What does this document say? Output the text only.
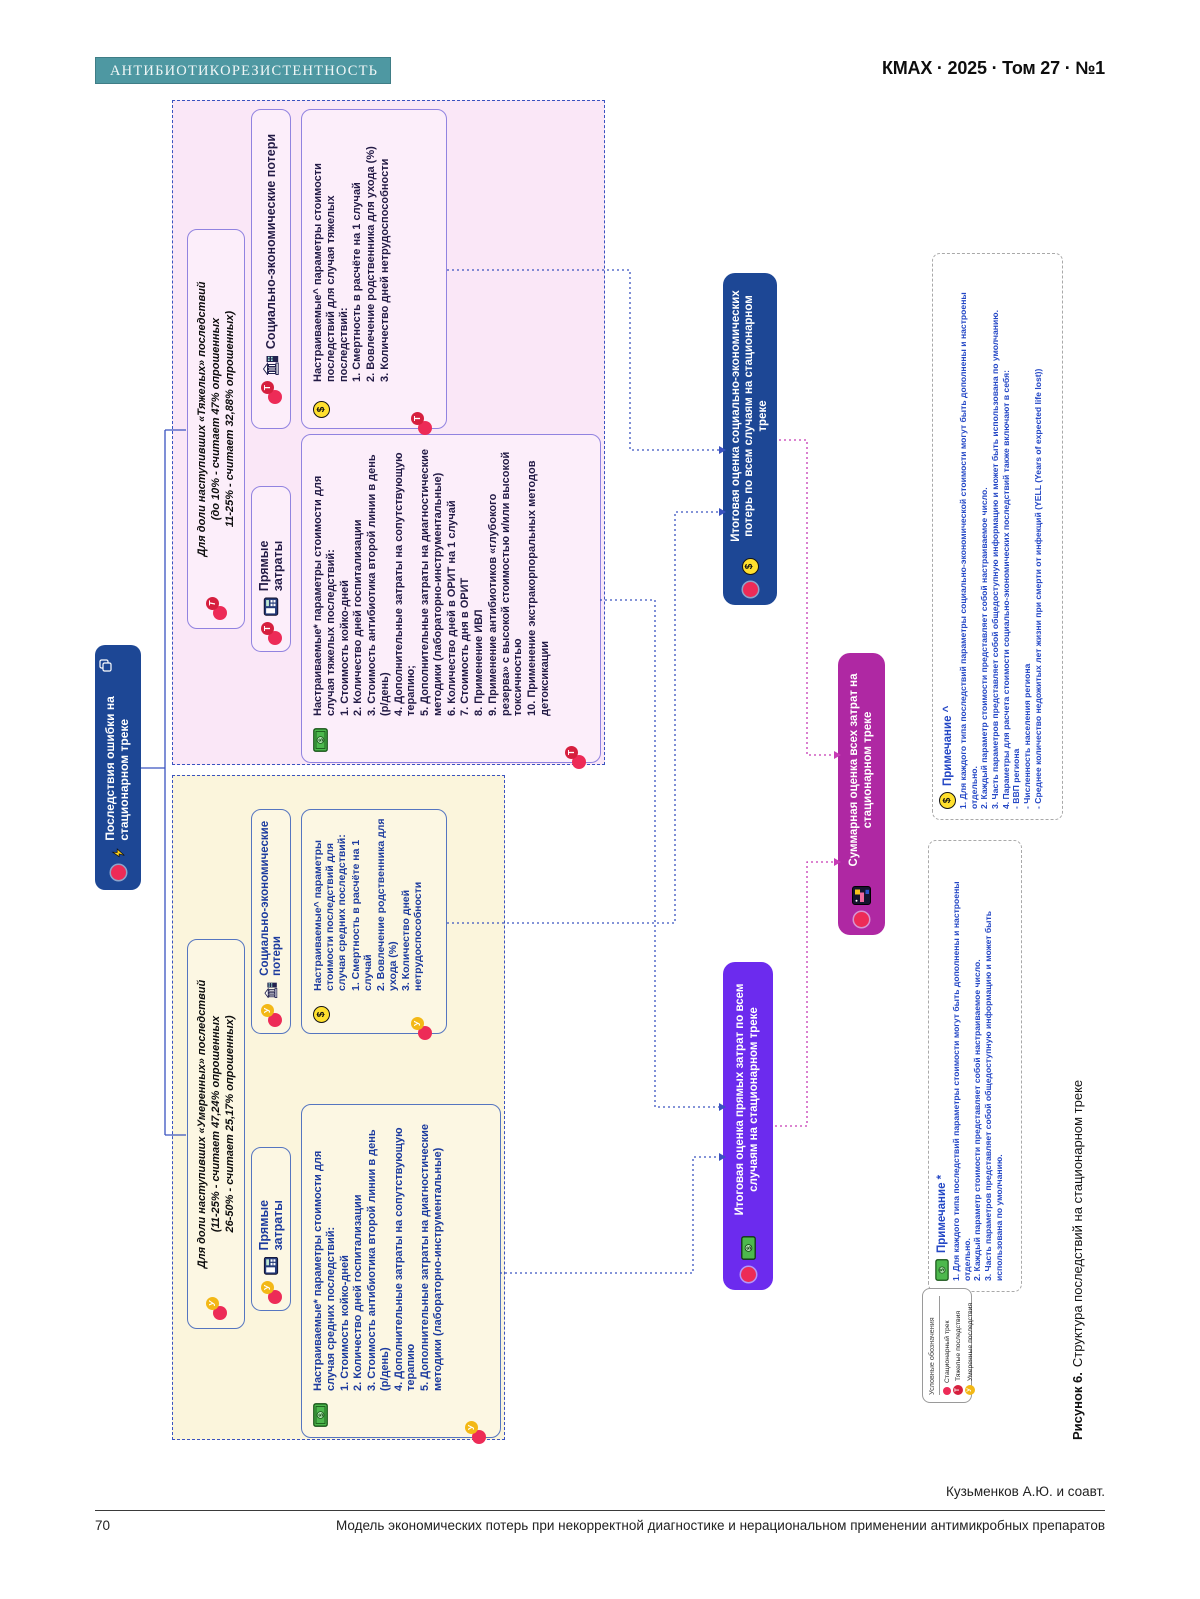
АНТИБИОТИКОРЕЗИСТЕНТНОСТЬ	КМАХ · 2025 · Том 27 · №1
Последствия ошибки на стационарном треке
Т
Для доли наступивших «Тяжелых» последствий (до 10% - считает 47% опрошенных 11-25% - считает 32,88% опрошенных)
Т
Прямые затраты
Т
Социально-экономические потери
$
Т
Настраиваемые* параметры стоимости для случая тяжелых последствий: 1. Стоимость койко-дней 2. Количество дней госпитализации 3. Стоимость антибиотика второй линии в день (р/день) 4. Дополнительные затраты на сопутствующую терапию; 5. Дополнительные затраты на диагностические методики (лабораторно-инструментальные) 6. Количество дней в ОРИТ на 1 случай 7. Стоимость дня в ОРИТ 8. Применение ИВЛ 9. Применение антибиотиков «глубокого резерва» с высокой стоимостью и/или высокой токсичностью 10. Применение экстракорпоральных методов детоксикации
$
Т
Настраиваемые^ параметры стоимости последствий для случая тяжелых последствий: 1. Смертность в расчёте на 1 случай 2. Вовлечение родственника для ухода (%) 3. Количество дней нетрудоспособности
У
Для доли наступивших «Умеренных» последствий (11-25% - считает 47,24% опрошенных 26-50% - считает 25,17% опрошенных)
У
Прямые затраты
У
Социально-экономические потери
$
У
Настраиваемые* параметры стоимости для случая средних последствий: 1. Стоимость койко-дней 2. Количество дней госпитализации 3. Стоимость антибиотика второй линии в день (р/день) 4. Дополнительные затраты на сопутствующую терапию 5. Дополнительные затраты на диагностические методики (лабораторно-инструментальные)
$
У
Настраиваемые^ параметры стоимости последствий для случая средних последствий: 1. Смертность в расчёте на 1 случай 2. Вовлечение родственника для ухода (%) 3. Количество дней нетрудоспособности
$
Итоговая оценка прямых затрат по всем случаям на стационарном треке
$
Итоговая оценка социально-экономических потерь по всем случаям на стационарном треке
Суммарная оценка всех затрат на стационарном треке
$
Примечание * 1. Для каждого типа последствий параметры стоимости могут быть дополнены и настроены отдельно. 2. Каждый параметр стоимости представляет собой настраиваемое число. 3. Часть параметров представляет собой общедоступную информацию и может быть использована по умолчанию.
$
Примечание ^ 1. Для каждого типа последствий параметры социально-экономической стоимости могут быть дополнены и настроены отдельно. 2. Каждый параметр стоимости представляет собой настраиваемое число. 3. Часть параметров представляет собой общедоступную информацию и может быть использована по умолчанию. 4. Параметры для расчета стоимости социально-экономических последствий также включают в себя: - ВВП региона - Численность населения региона - Среднее количество недожитых лет жизни при смерти от инфекций (YELL (Years of expected life lost))
Условные обозначения Стационарный трек
Т
Тяжелые последствия
У
Умеренные последствия
Рисунок 6.Структура последствий на стационарном треке
Кузьменков А.Ю. и соавт.
70	Модель экономических потерь при некорректной диагностике и нерациональном применении антимикробных препаратов
